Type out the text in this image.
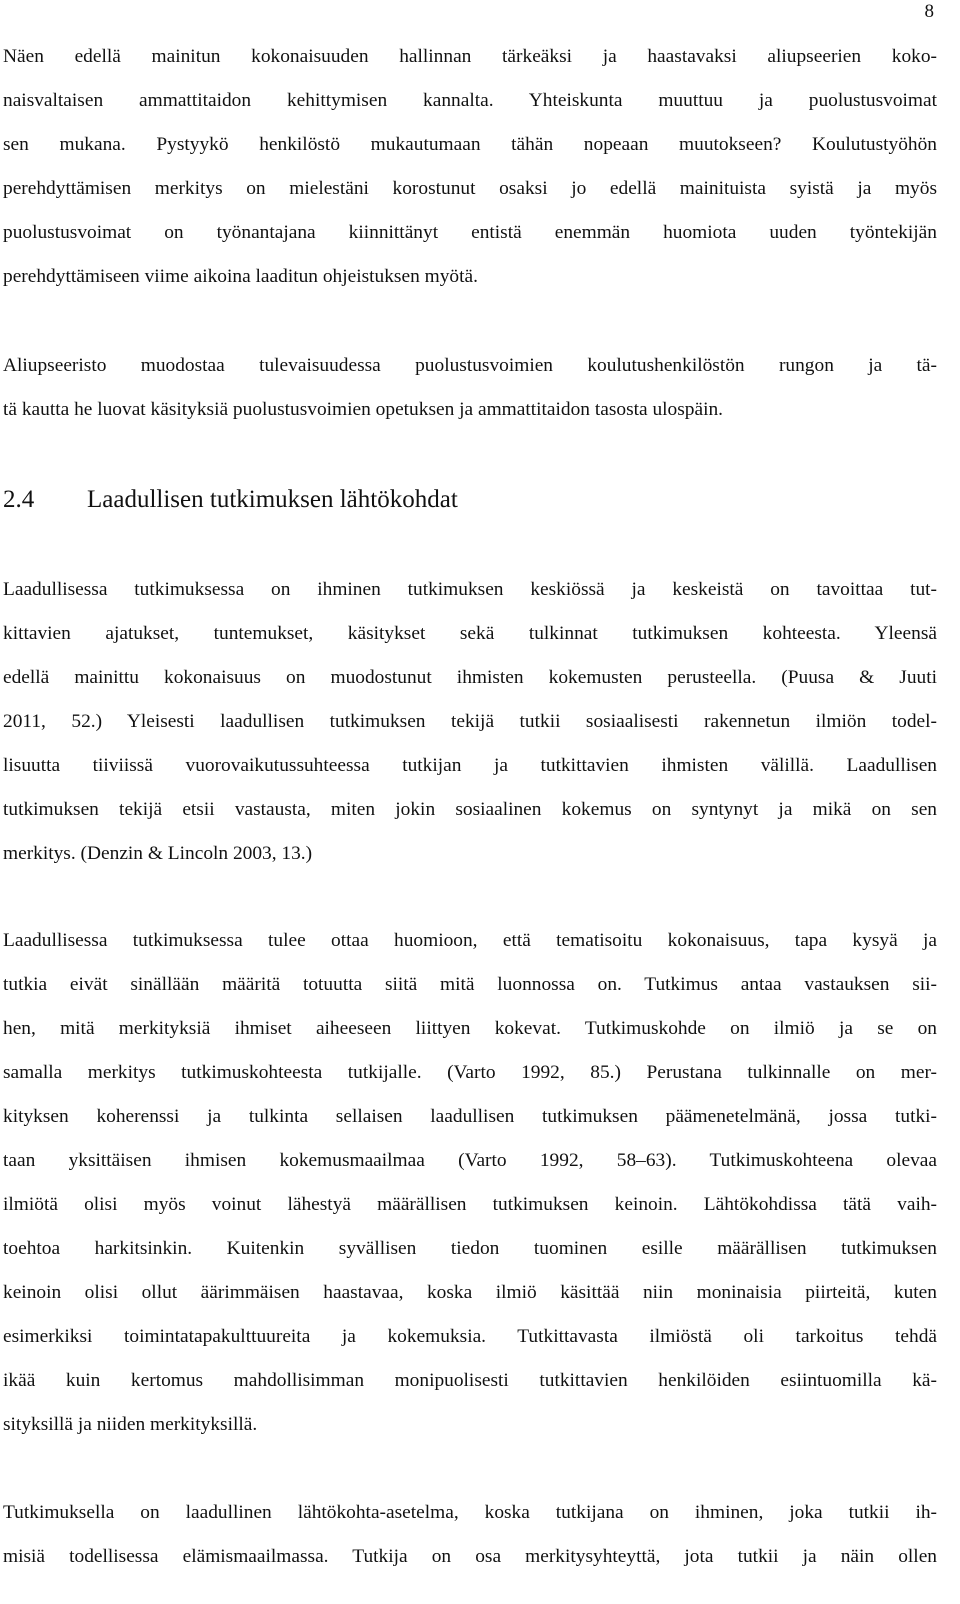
8
Näen edellä mainitun kokonaisuuden hallinnan tärkeäksi ja haastavaksi aliupseerien koko-
naisvaltaisen ammattitaidon kehittymisen kannalta. Yhteiskunta muuttuu ja puolustusvoimat
sen mukana. Pystyykö henkilöstö mukautumaan tähän nopeaan muutokseen? Koulutustyöhön
perehdyttämisen merkitys on mielestäni korostunut osaksi jo edellä mainituista syistä ja myös
puolustusvoimat on työnantajana kiinnittänyt entistä enemmän huomiota uuden työntekijän
perehdyttämiseen viime aikoina laaditun ohjeistuksen myötä.
Aliupseeristo muodostaa tulevaisuudessa puolustusvoimien koulutushenkilöstön rungon ja tä-
tä kautta he luovat käsityksiä puolustusvoimien opetuksen ja ammattitaidon tasosta ulospäin.
2.4 Laadullisen tutkimuksen lähtökohdat
Laadullisessa tutkimuksessa on ihminen tutkimuksen keskiössä ja keskeistä on tavoittaa tut-
kittavien ajatukset, tuntemukset, käsitykset sekä tulkinnat tutkimuksen kohteesta. Yleensä
edellä mainittu kokonaisuus on muodostunut ihmisten kokemusten perusteella. (Puusa & Juuti
2011, 52.) Yleisesti laadullisen tutkimuksen tekijä tutkii sosiaalisesti rakennetun ilmiön todel-
lisuutta tiiviissä vuorovaikutussuhteessa tutkijan ja tutkittavien ihmisten välillä. Laadullisen
tutkimuksen tekijä etsii vastausta, miten jokin sosiaalinen kokemus on syntynyt ja mikä on sen
merkitys. (Denzin & Lincoln 2003, 13.)
Laadullisessa tutkimuksessa tulee ottaa huomioon, että tematisoitu kokonaisuus, tapa kysyä ja
tutkia eivät sinällään määritä totuutta siitä mitä luonnossa on. Tutkimus antaa vastauksen sii-
hen, mitä merkityksiä ihmiset aiheeseen liittyen kokevat. Tutkimuskohde on ilmiö ja se on
samalla merkitys tutkimuskohteesta tutkijalle. (Varto 1992, 85.) Perustana tulkinnalle on mer-
kityksen koherenssi ja tulkinta sellaisen laadullisen tutkimuksen päämenetelmänä, jossa tutki-
taan yksittäisen ihmisen kokemusmaailmaa (Varto 1992, 58–63). Tutkimuskohteena olevaa
ilmiötä olisi myös voinut lähestyä määrällisen tutkimuksen keinoin. Lähtökohdissa tätä vaih-
toehtoa harkitsinkin. Kuitenkin syvällisen tiedon tuominen esille määrällisen tutkimuksen
keinoin olisi ollut äärimmäisen haastavaa, koska ilmiö käsittää niin moninaisia piirteitä, kuten
esimerkiksi toimintatapakulttuureita ja kokemuksia. Tutkittavasta ilmiöstä oli tarkoitus tehdä
ikää kuin kertomus mahdollisimman monipuolisesti tutkittavien henkilöiden esiintuomilla kä-
sityksillä ja niiden merkityksillä.
Tutkimuksella on laadullinen lähtökohta-asetelma, koska tutkijana on ihminen, joka tutkii ih-
misiä todellisessa elämismaailmassa. Tutkija on osa merkitysyhteyttä, jota tutkii ja näin ollen
